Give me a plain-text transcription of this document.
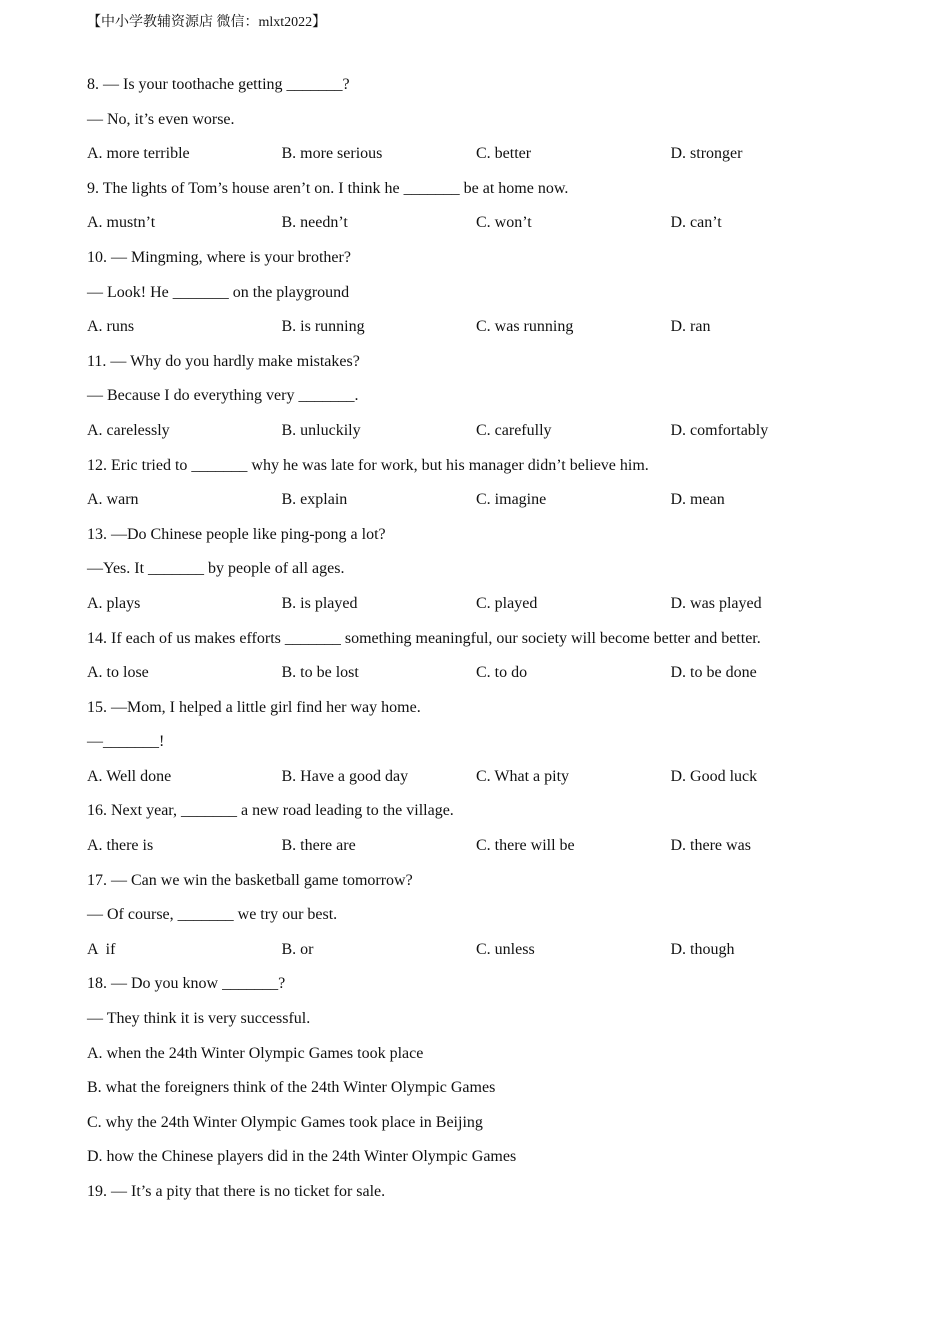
【中小学教辅资源店 微信：mlxt2022】
8. — Is your toothache getting _______?
— No, it’s even worse.
A. more terrible	B. more serious	C. better	D. stronger
9. The lights of Tom’s house aren’t on. I think he _______ be at home now.
A. mustn’t	B. needn’t	C. won’t	D. can’t
10. — Mingming, where is your brother?
— Look! He _______ on the playground
A. runs	B. is running	C. was running	D. ran
11. — Why do you hardly make mistakes?
— Because I do everything very _______.
A. carelessly	B. unluckily	C. carefully	D. comfortably
12. Eric tried to _______ why he was late for work, but his manager didn’t believe him.
A. warn	B. explain	C. imagine	D. mean
13. —Do Chinese people like ping-pong a lot?
—Yes. It _______ by people of all ages.
A. plays	B. is played	C. played	D. was played
14. If each of us makes efforts _______ something meaningful, our society will become better and better.
A. to lose	B. to be lost	C. to do	D. to be done
15. —Mom, I helped a little girl find her way home.
—_______!
A. Well done	B. Have a good day	C. What a pity	D. Good luck
16. Next year, _______ a new road leading to the village.
A. there is	B. there are	C. there will be	D. there was
17. — Can we win the basketball game tomorrow?
— Of course, _______ we try our best.
A  if	B. or	C. unless	D. though
18. — Do you know _______?
— They think it is very successful.
A. when the 24th Winter Olympic Games took place
B. what the foreigners think of the 24th Winter Olympic Games
C. why the 24th Winter Olympic Games took place in Beijing
D. how the Chinese players did in the 24th Winter Olympic Games
19. — It’s a pity that there is no ticket for sale.
